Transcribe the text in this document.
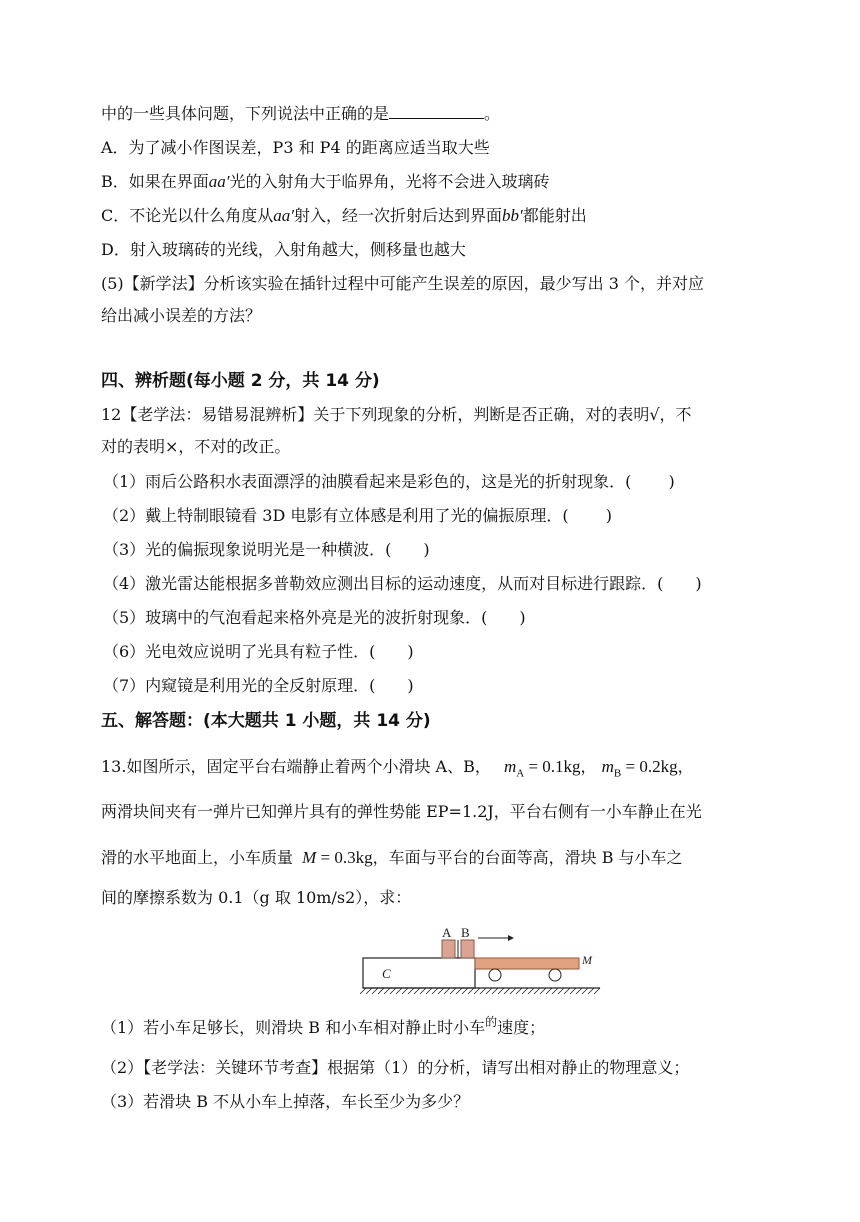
中的一些具体问题，下列说法中正确的是	。
A．为了减小作图误差，P3 和 P4 的距离应适当取大些
B．如果在界面aa′光的入射角大于临界角，光将不会进入玻璃砖
C．不论光以什么角度从aa′射入，经一次折射后达到界面bb′都能射出
D．射入玻璃砖的光线，入射角越大，侧移量也越大
(5)【新学法】分析该实验在插针过程中可能产生误差的原因，最少写出 3 个，并对应
给出减小误差的方法？
四、辨析题(每小题 2 分，共 14 分)
12【老学法：易错易混辨析】关于下列现象的分析，判断是否正确，对的表明√，不
对的表明×，不对的改正。
（1）雨后公路积水表面漂浮的油膜看起来是彩色的，这是光的折射现象．(　　 )
（2）戴上特制眼镜看 3D 电影有立体感是利用了光的偏振原理．(　　 )
（3）光的偏振现象说明光是一种横波．(　　)
（4）激光雷达能根据多普勒效应测出目标的运动速度，从而对目标进行跟踪．(　　)
（5）玻璃中的气泡看起来格外亮是光的波折射现象．(　　)
（6）光电效应说明了光具有粒子性．(　　)
（7）内窥镜是利用光的全反射原理．(　　)
五、解答题：(本大题共 1 小题，共 14 分)
13.如图所示，固定平台右端静止着两个小滑块 A、B， $m_A = 0.1kg$， $m_B = 0.2kg$，
两滑块间夹有一弹片已知弹片具有的弹性势能 EP=1.2J，平台右侧有一小车静止在光
滑的水平地面上，小车质量 M = 0.3kg，车面与平台的台面等高，滑块 B 与小车之
间的摩擦系数为 0.1（g 取 10m/s2），求：
C
A B
M
（1）若小车足够长，则滑块 B 和小车相对静止时小车$^的$速度；
（2）【老学法：关键环节考查】根据第（1）的分析，请写出相对静止的物理意义；
（3）若滑块 B 不从小车上掉落，车长至少为多少？
